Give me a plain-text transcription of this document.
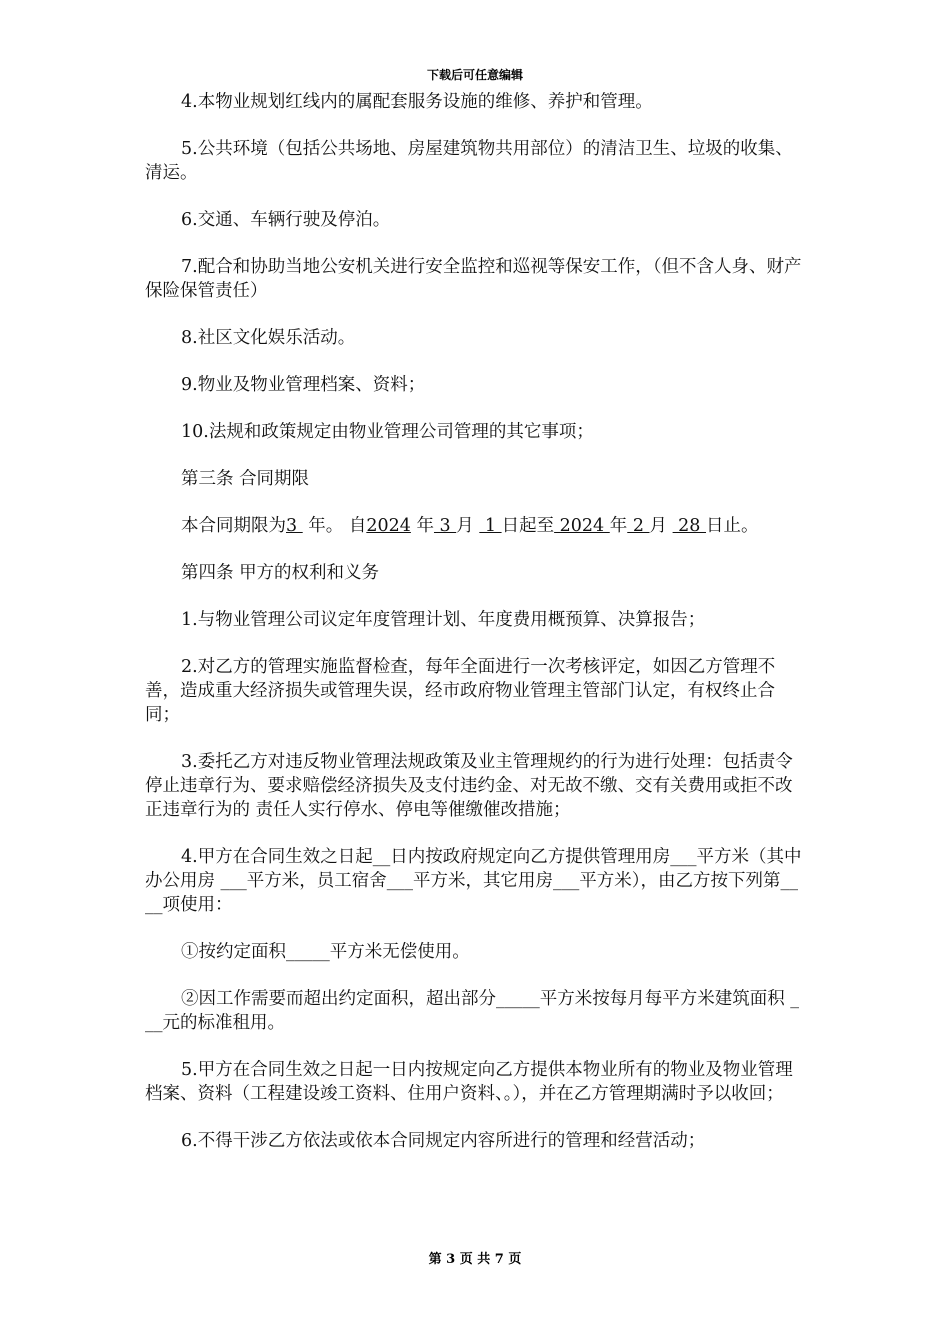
下载后可任意编辑

4.本物业规划红线内的属配套服务设施的维修、养护和管理。

5.公共环境（包括公共场地、房屋建筑物共用部位）的清洁卫生、垃圾的收集、清运。

6.交通、车辆行驶及停泊。

7.配合和协助当地公安机关进行安全监控和巡视等保安工作，（但不含人身、财产保险保管责任）

8.社区文化娱乐活动。

9.物业及物业管理档案、资料；

10.法规和政策规定由物业管理公司管理的其它事项；

第三条 合同期限

本合同期限为3  年。 自2024 年 3 月  1 日起至 2024 年 2 月  28 日止。

第四条 甲方的权利和义务

1.与物业管理公司议定年度管理计划、年度费用概预算、决算报告；

2.对乙方的管理实施监督检查，每年全面进行一次考核评定，如因乙方管理不善，造成重大经济损失或管理失误，经市政府物业管理主管部门认定，有权终止合同；

3.委托乙方对违反物业管理法规政策及业主管理规约的行为进行处理：包括责令停止违章行为、要求赔偿经济损失及支付违约金、对无故不缴、交有关费用或拒不改正违章行为的 责任人实行停水、停电等催缴催改措施；

4.甲方在合同生效之日起__日内按政府规定向乙方提供管理用房___平方米（其中办公用房 ___平方米，员工宿舍___平方米，其它用房___平方米），由乙方按下列第____项使用：

①按约定面积_____平方米无偿使用。

②因工作需要而超出约定面积，超出部分_____平方米按每月每平方米建筑面积 ___元的标准租用。

5.甲方在合同生效之日起一日内按规定向乙方提供本物业所有的物业及物业管理档案、资料（工程建设竣工资料、住用户资料、。），并在乙方管理期满时予以收回；

6.不得干涉乙方依法或依本合同规定内容所进行的管理和经营活动；

第 3 页 共 7 页
